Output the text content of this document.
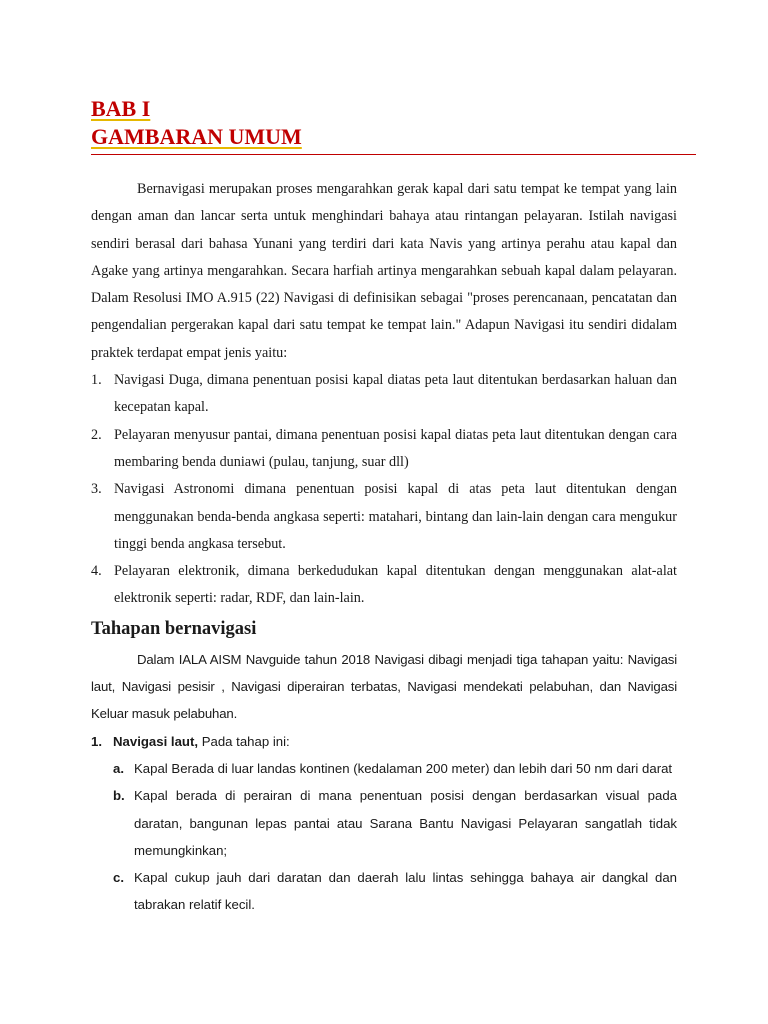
BAB I
GAMBARAN UMUM

Bernavigasi merupakan proses mengarahkan gerak kapal dari satu tempat ke tempat yang lain dengan aman dan lancar serta untuk menghindari bahaya atau rintangan pelayaran. Istilah navigasi sendiri berasal dari bahasa Yunani yang terdiri dari kata Navis yang artinya perahu atau kapal dan Agake yang artinya mengarahkan. Secara harfiah artinya mengarahkan sebuah kapal dalam pelayaran. Dalam Resolusi IMO A.915 (22) Navigasi di definisikan sebagai "proses perencanaan, pencatatan dan pengendalian pergerakan kapal dari satu tempat ke tempat lain." Adapun Navigasi itu sendiri didalam praktek terdapat empat jenis yaitu:

1. Navigasi Duga, dimana penentuan posisi kapal diatas peta laut ditentukan berdasarkan haluan dan kecepatan kapal.
2. Pelayaran menyusur pantai, dimana penentuan posisi kapal diatas peta laut ditentukan dengan cara membaring benda duniawi (pulau, tanjung, suar dll)
3. Navigasi Astronomi dimana penentuan posisi kapal di atas peta laut ditentukan dengan menggunakan benda-benda angkasa seperti: matahari, bintang dan lain-lain dengan cara mengukur tinggi benda angkasa tersebut.
4. Pelayaran elektronik, dimana berkedudukan kapal ditentukan dengan menggunakan alat-alat elektronik seperti: radar, RDF, dan lain-lain.
Tahapan bernavigasi

Dalam IALA AISM Navguide tahun 2018 Navigasi dibagi menjadi tiga tahapan yaitu: Navigasi laut, Navigasi pesisir , Navigasi diperairan terbatas, Navigasi mendekati pelabuhan, dan Navigasi Keluar masuk pelabuhan.

1. Navigasi laut, Pada tahap ini:
a. Kapal Berada di luar landas kontinen (kedalaman 200 meter) dan lebih dari 50 nm dari darat
b. Kapal berada di perairan di mana penentuan posisi dengan berdasarkan visual pada daratan, bangunan lepas pantai atau Sarana Bantu Navigasi Pelayaran sangatlah tidak memungkinkan;
c. Kapal cukup jauh dari daratan dan daerah lalu lintas sehingga bahaya air dangkal dan tabrakan relatif kecil.
